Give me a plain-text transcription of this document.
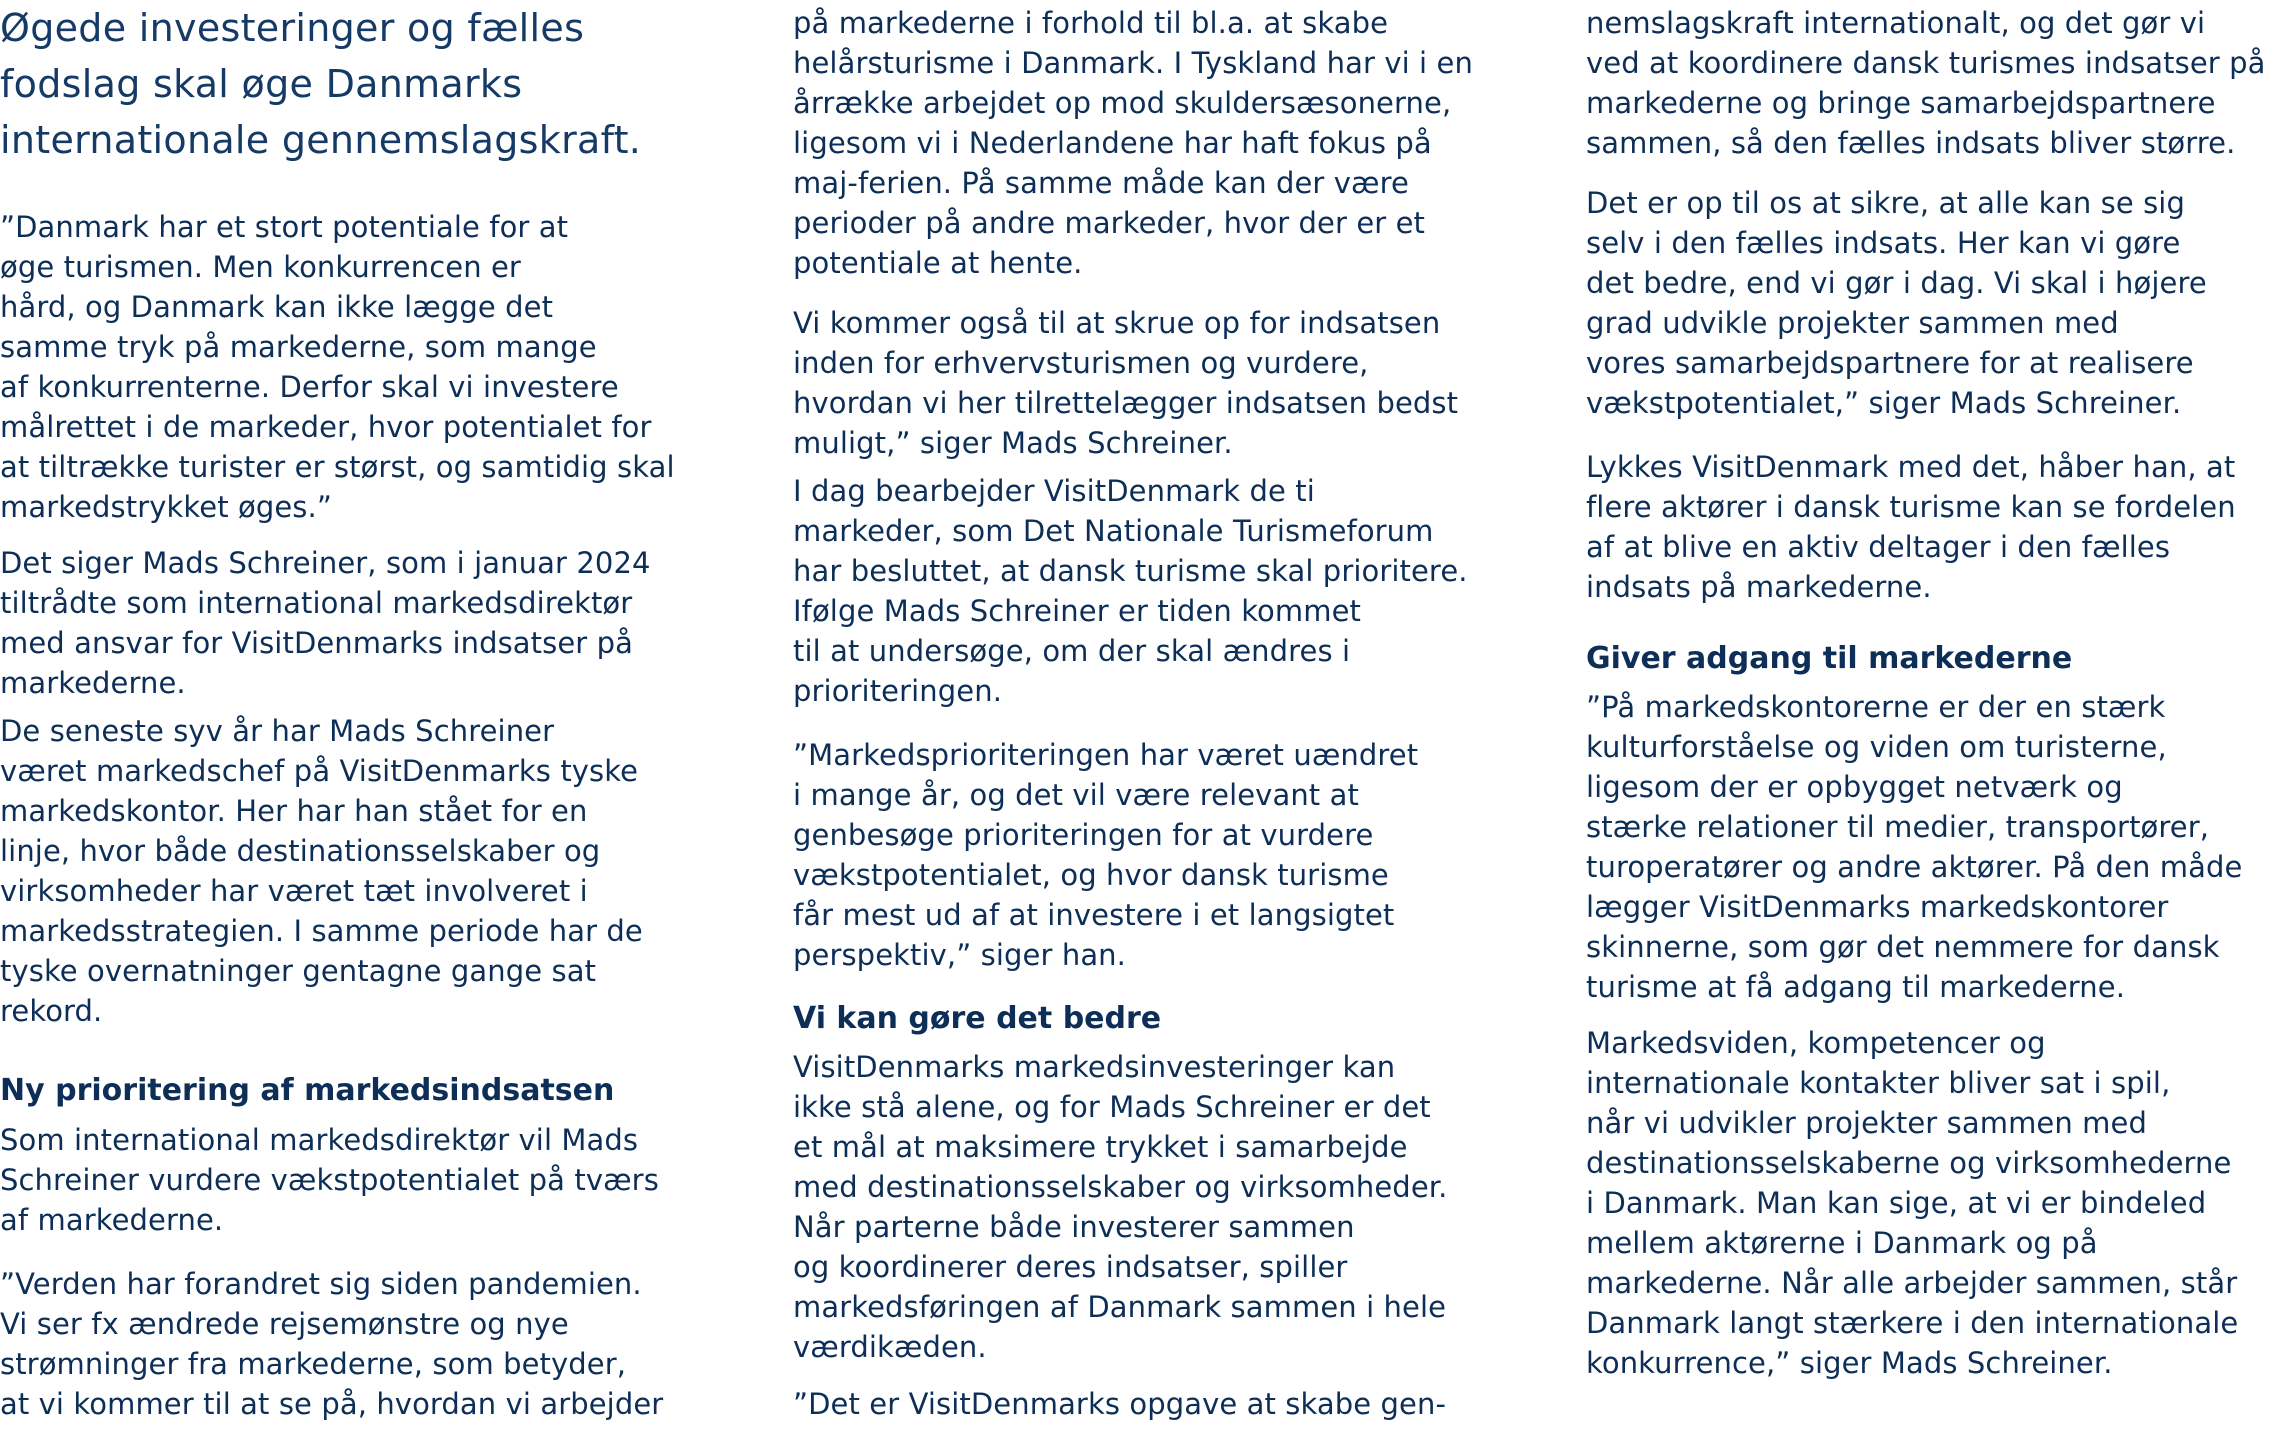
Øgede investeringer og fælles
fodslag skal øge Danmarks
internationale gennemslagskraft.
”Danmark har et stort potentiale for at
øge turismen. Men konkurrencen er
hård, og Danmark kan ikke lægge det
samme tryk på markederne, som mange
af konkurrenterne. Derfor skal vi investere
målrettet i de markeder, hvor potentialet for
at tiltrække turister er størst, og samtidig skal
markedstrykket øges.”
Det siger Mads Schreiner, som i januar 2024
tiltrådte som international markedsdirektør
med ansvar for VisitDenmarks indsatser på
markederne.
De seneste syv år har Mads Schreiner
været markedschef på VisitDenmarks tyske
markedskontor. Her har han stået for en
linje, hvor både destinationsselskaber og
virksomheder har været tæt involveret i
markedsstrategien. I samme periode har de
tyske overnatninger gentagne gange sat
rekord.
Ny prioritering af markedsindsatsen
Som international markedsdirektør vil Mads
Schreiner vurdere vækstpotentialet på tværs
af markederne.
”Verden har forandret sig siden pandemien.
Vi ser fx ændrede rejsemønstre og nye
strømninger fra markederne, som betyder,
at vi kommer til at se på, hvordan vi arbejder
på markederne i forhold til bl.a. at skabe
helårsturisme i Danmark. I Tyskland har vi i en
årrække arbejdet op mod skuldersæsonerne,
ligesom vi i Nederlandene har haft fokus på
maj-ferien. På samme måde kan der være
perioder på andre markeder, hvor der er et
potentiale at hente.
Vi kommer også til at skrue op for indsatsen
inden for erhvervsturismen og vurdere,
hvordan vi her tilrettelægger indsatsen bedst
muligt,” siger Mads Schreiner.
I dag bearbejder VisitDenmark de ti
markeder, som Det Nationale Turismeforum
har besluttet, at dansk turisme skal prioritere.
Ifølge Mads Schreiner er tiden kommet
til at undersøge, om der skal ændres i
prioriteringen.
”Markedsprioriteringen har været uændret
i mange år, og det vil være relevant at
genbesøge prioriteringen for at vurdere
vækstpotentialet, og hvor dansk turisme
får mest ud af at investere i et langsigtet
perspektiv,” siger han.
Vi kan gøre det bedre
VisitDenmarks markedsinvesteringer kan
ikke stå alene, og for Mads Schreiner er det
et mål at maksimere trykket i samarbejde
med destinationsselskaber og virksomheder.
Når parterne både investerer sammen
og koordinerer deres indsatser, spiller
markedsføringen af Danmark sammen i hele
værdikæden.
”Det er VisitDenmarks opgave at skabe gen-
nemslagskraft internationalt, og det gør vi
ved at koordinere dansk turismes indsatser på
markederne og bringe samarbejdspartnere
sammen, så den fælles indsats bliver større.
Det er op til os at sikre, at alle kan se sig
selv i den fælles indsats. Her kan vi gøre
det bedre, end vi gør i dag. Vi skal i højere
grad udvikle projekter sammen med
vores samarbejdspartnere for at realisere
vækstpotentialet,” siger Mads Schreiner.
Lykkes VisitDenmark med det, håber han, at
flere aktører i dansk turisme kan se fordelen
af at blive en aktiv deltager i den fælles
indsats på markederne.
Giver adgang til markederne
”På markedskontorerne er der en stærk
kulturforståelse og viden om turisterne,
ligesom der er opbygget netværk og
stærke relationer til medier, transportører,
turoperatører og andre aktører. På den måde
lægger VisitDenmarks markedskontorer
skinnerne, som gør det nemmere for dansk
turisme at få adgang til markederne.
Markedsviden, kompetencer og
internationale kontakter bliver sat i spil,
når vi udvikler projekter sammen med
destinationsselskaberne og virksomhederne
i Danmark. Man kan sige, at vi er bindeled
mellem aktørerne i Danmark og på
markederne. Når alle arbejder sammen, står
Danmark langt stærkere i den internationale
konkurrence,” siger Mads Schreiner.
